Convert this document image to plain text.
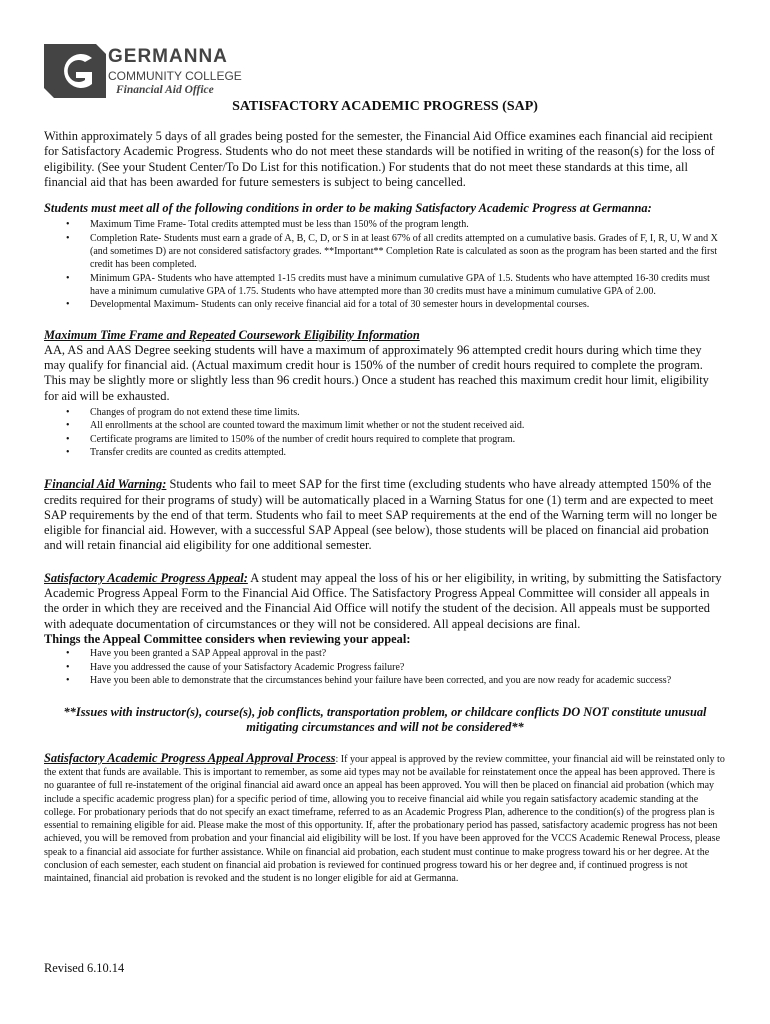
GERMANNA
COMMUNITY COLLEGE
Financial Aid Office
SATISFACTORY ACADEMIC PROGRESS (SAP)

Within approximately 5 days of all grades being posted for the semester, the Financial Aid Office examines each financial aid recipient for Satisfactory Academic Progress. Students who do not meet these standards will be notified in writing of the reason(s) for the loss of eligibility. (See your Student Center/To Do List for this notification.) For students that do not meet these standards at this time, all financial aid that has been awarded for future semesters is subject to being cancelled.

Students must meet all of the following conditions in order to be making Satisfactory Academic Progress at Germanna:
• Maximum Time Frame- Total credits attempted must be less than 150% of the program length.
• Completion Rate- Students must earn a grade of A, B, C, D, or S in at least 67% of all credits attempted on a cumulative basis. Grades of F, I, R, U, W and X (and sometimes D) are not considered satisfactory grades. **Important** Completion Rate is calculated as soon as the program has been started and the first credit has been completed.
• Minimum GPA- Students who have attempted 1-15 credits must have a minimum cumulative GPA of 1.5. Students who have attempted 16-30 credits must have a minimum cumulative GPA of 1.75. Students who have attempted more than 30 credits must have a minimum cumulative GPA of 2.00.
• Developmental Maximum- Students can only receive financial aid for a total of 30 semester hours in developmental courses.
Maximum Time Frame and Repeated Coursework Eligibility Information

AA, AS and AAS Degree seeking students will have a maximum of approximately 96 attempted credit hours during which time they may qualify for financial aid. (Actual maximum credit hour is 150% of the number of credit hours required to complete the program. This may be slightly more or slightly less than 96 credit hours.) Once a student has reached this maximum credit hour limit, eligibility for aid will be exhausted.

• Changes of program do not extend these time limits.
• All enrollments at the school are counted toward the maximum limit whether or not the student received aid.
• Certificate programs are limited to 150% of the number of credit hours required to complete that program.
• Transfer credits are counted as credits attempted.

Financial Aid Warning: Students who fail to meet SAP for the first time (excluding students who have already attempted 150% of the credits required for their programs of study) will be automatically placed in a Warning Status for one (1) term and are expected to meet SAP requirements by the end of that term. Students who fail to meet SAP requirements at the end of the Warning term will no longer be eligible for financial aid. However, with a successful SAP Appeal (see below), those students will be placed on financial aid probation and will retain financial aid eligibility for one additional semester.

Satisfactory Academic Progress Appeal: A student may appeal the loss of his or her eligibility, in writing, by submitting the Satisfactory Academic Progress Appeal Form to the Financial Aid Office. The Satisfactory Progress Appeal Committee will consider all appeals in the order in which they are received and the Financial Aid Office will notify the student of the decision. All appeals must be supported with adequate documentation of circumstances or they will not be considered. All appeal decisions are final.

Things the Appeal Committee considers when reviewing your appeal:
• Have you been granted a SAP Appeal approval in the past?
• Have you addressed the cause of your Satisfactory Academic Progress failure?
• Have you been able to demonstrate that the circumstances behind your failure have been corrected, and you are now ready for academic success?
**Issues with instructor(s), course(s), job conflicts, transportation problem, or childcare conflicts DO NOT constitute unusual mitigating circumstances and will not be considered**

Satisfactory Academic Progress Appeal Approval Process: If your appeal is approved by the review committee, your financial aid will be reinstated only to the extent that funds are available. This is important to remember, as some aid types may not be available for reinstatement once the appeal has been approved. There is no guarantee of full re-instatement of the original financial aid award once an appeal has been approved. You will then be placed on financial aid probation (which may include a specific academic progress plan) for a specific period of time, allowing you to receive financial aid while you regain satisfactory academic standing at the college. For probationary periods that do not specify an exact timeframe, referred to as an Academic Progress Plan, adherence to the condition(s) of the progress plan is essential to remaining eligible for aid. Please make the most of this opportunity. If, after the probationary period has passed, satisfactory academic progress has not been achieved, you will be removed from probation and your financial aid eligibility will be lost. If you have been approved for the VCCS Academic Renewal Process, please speak to a financial aid associate for further assistance. While on financial aid probation, each student must continue to make progress toward his or her degree. At the conclusion of each semester, each student on financial aid probation is reviewed for continued progress toward his or her degree and, if continued progress is not maintained, financial aid probation is revoked and the student is no longer eligible for aid at Germanna.

Revised 6.10.14
